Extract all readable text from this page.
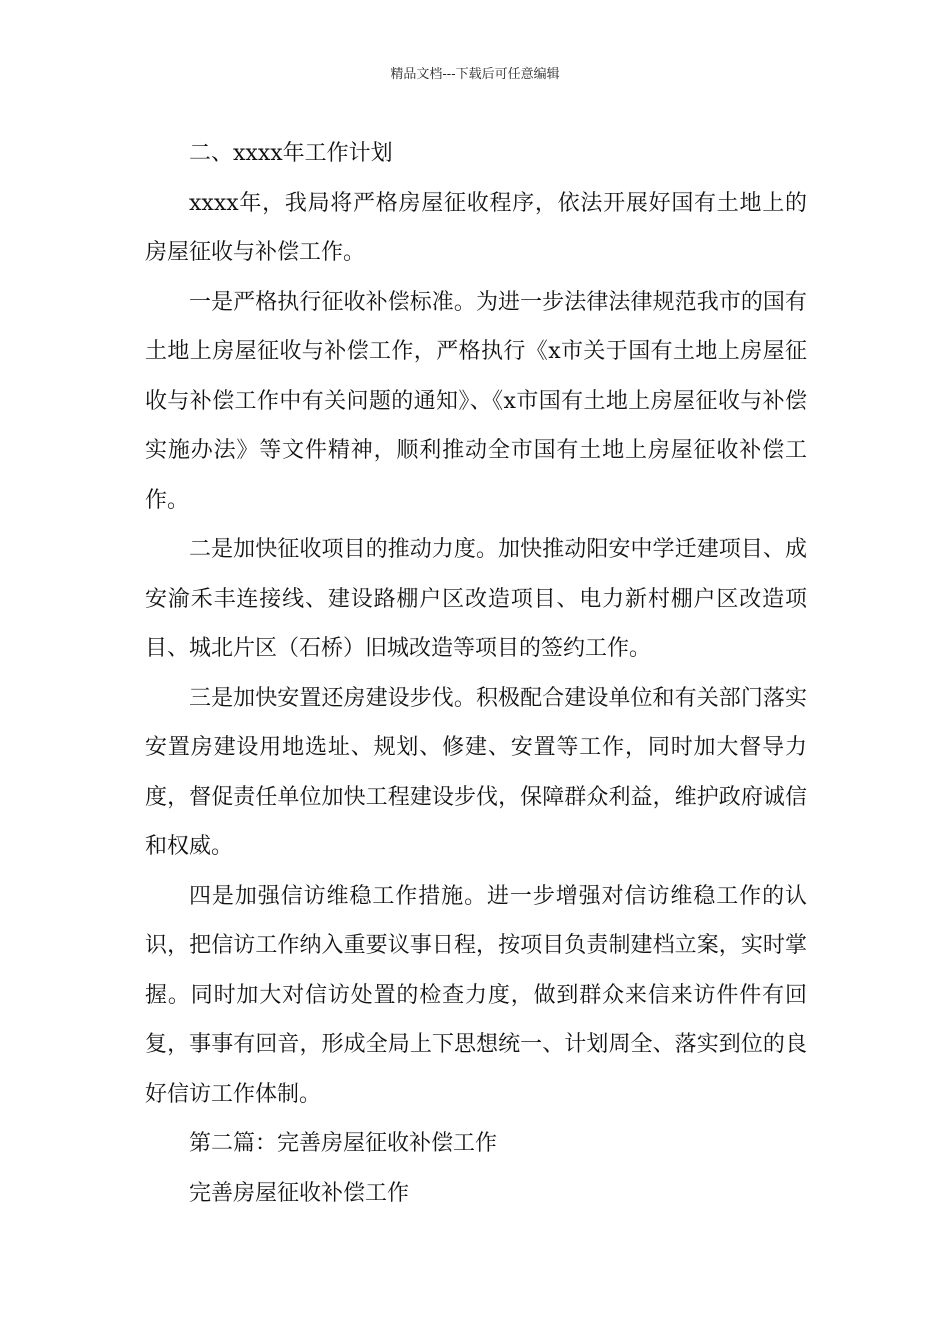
精品文档---下载后可任意编辑

二、xxxx年工作计划

xxxx年，我局将严格房屋征收程序，依法开展好国有土地上的房屋征收与补偿工作。

一是严格执行征收补偿标准。为进一步法律法律规范我市的国有土地上房屋征收与补偿工作，严格执行《x市关于国有土地上房屋征收与补偿工作中有关问题的通知》、《x市国有土地上房屋征收与补偿实施办法》等文件精神，顺利推动全市国有土地上房屋征收补偿工作。

二是加快征收项目的推动力度。加快推动阳安中学迁建项目、成安渝禾丰连接线、建设路棚户区改造项目、电力新村棚户区改造项目、城北片区（石桥）旧城改造等项目的签约工作。

三是加快安置还房建设步伐。积极配合建设单位和有关部门落实安置房建设用地选址、规划、修建、安置等工作，同时加大督导力度，督促责任单位加快工程建设步伐，保障群众利益，维护政府诚信和权威。

四是加强信访维稳工作措施。进一步增强对信访维稳工作的认识，把信访工作纳入重要议事日程，按项目负责制建档立案，实时掌握。同时加大对信访处置的检查力度，做到群众来信来访件件有回复，事事有回音，形成全局上下思想统一、计划周全、落实到位的良好信访工作体制。

第二篇：完善房屋征收补偿工作

完善房屋征收补偿工作
